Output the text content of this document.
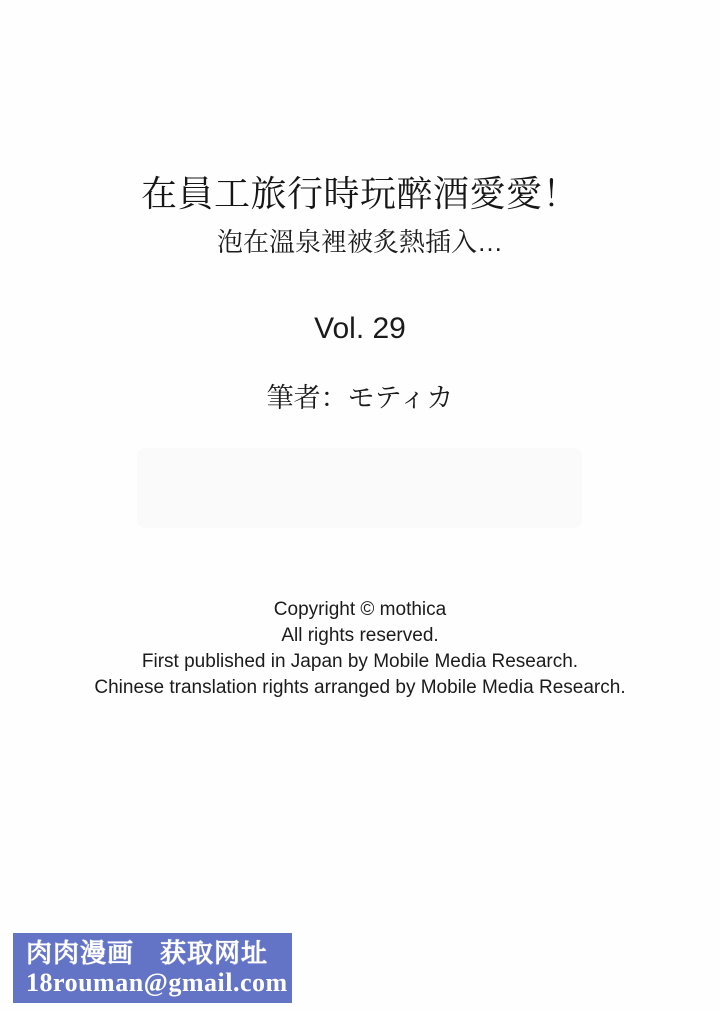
在員工旅行時玩醉酒愛愛！
泡在溫泉裡被炙熱插入…
Vol. 29
筆者：モティカ
Copyright © mothica
All rights reserved.
First published in Japan by Mobile Media Research.
Chinese translation rights arranged by Mobile Media Research.
肉肉漫画 获取网址
18rouman@gmail.com
